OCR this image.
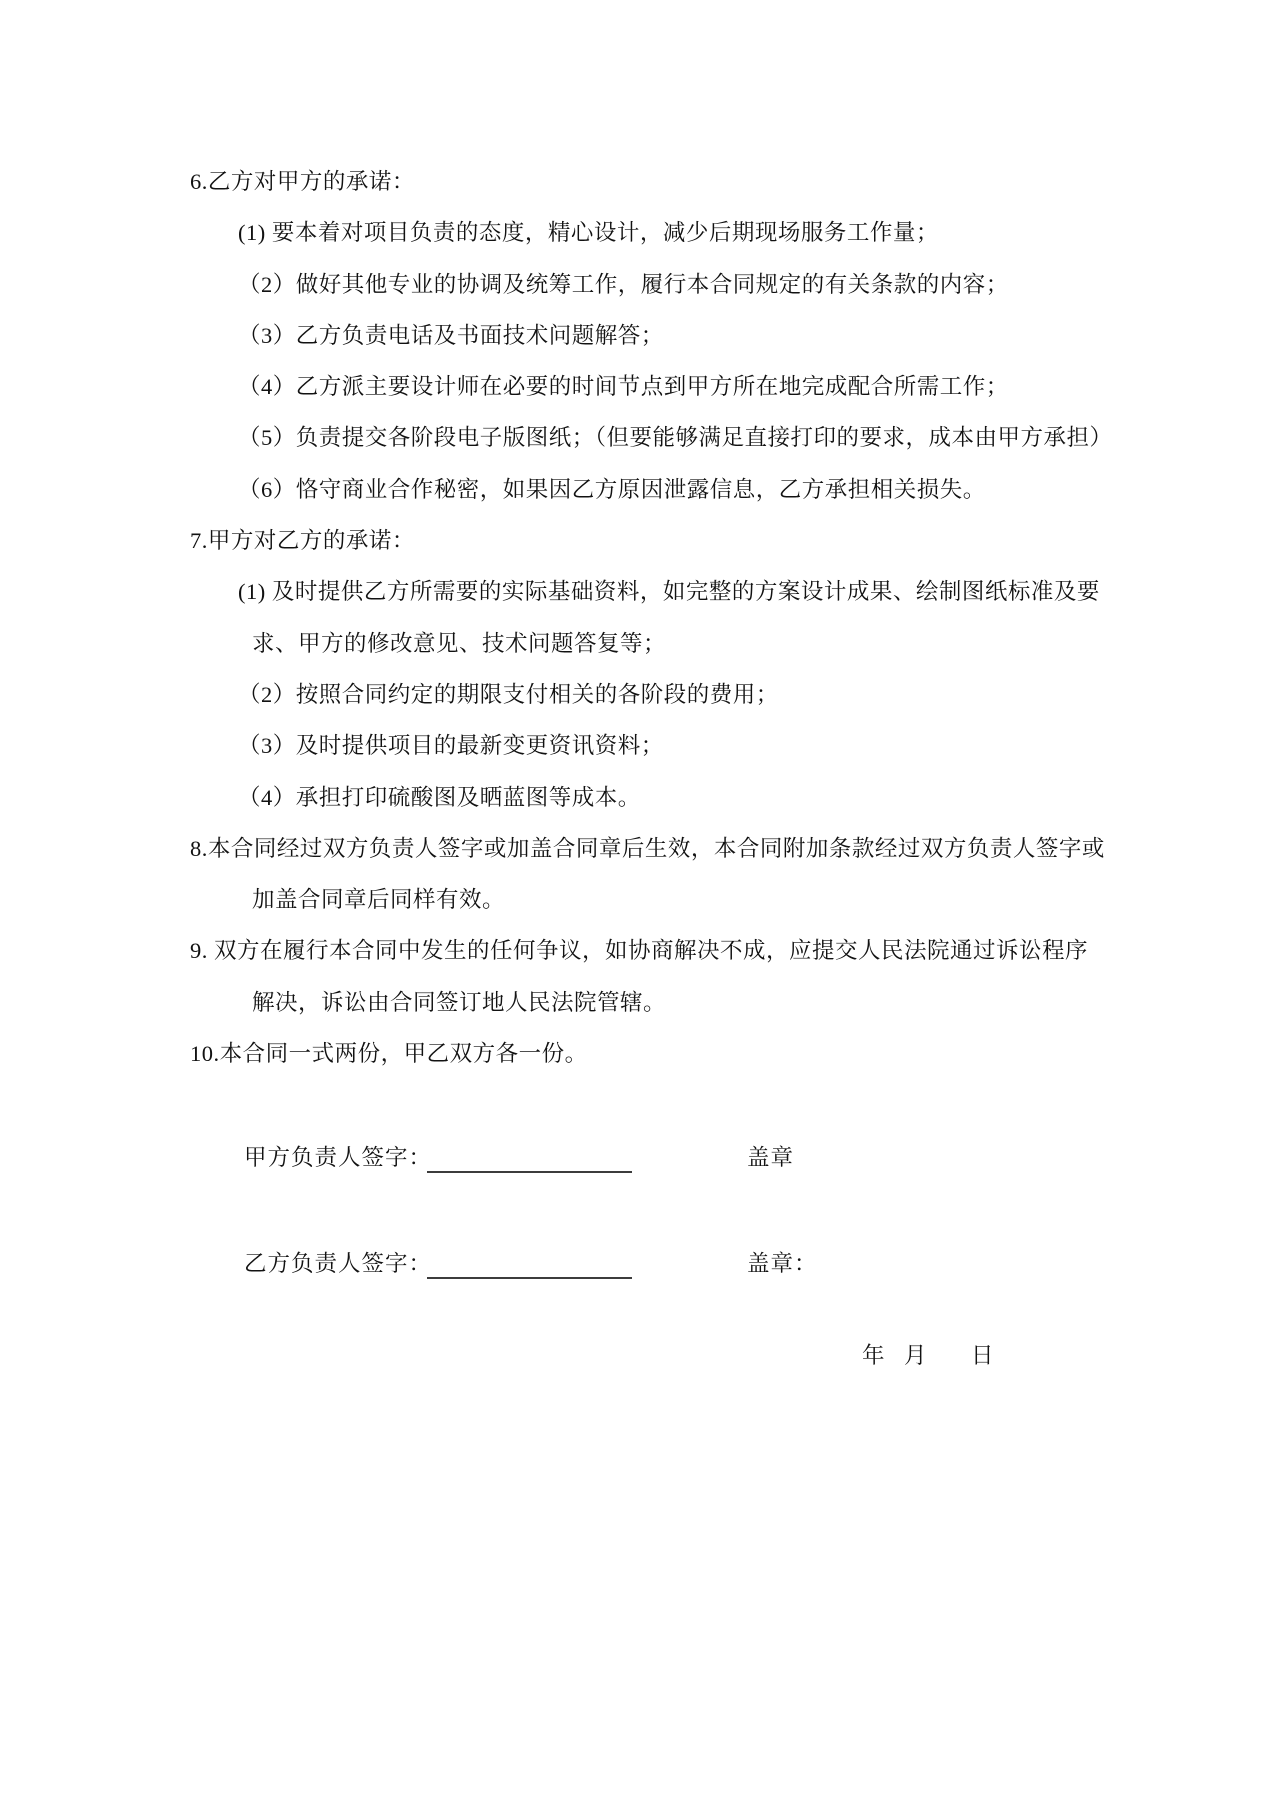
6.乙方对甲方的承诺：
(1) 要本着对项目负责的态度，精心设计，减少后期现场服务工作量；
（2）做好其他专业的协调及统筹工作，履行本合同规定的有关条款的内容；
（3）乙方负责电话及书面技术问题解答；
（4）乙方派主要设计师在必要的时间节点到甲方所在地完成配合所需工作；
（5）负责提交各阶段电子版图纸；（但要能够满足直接打印的要求，成本由甲方承担）
（6）恪守商业合作秘密，如果因乙方原因泄露信息，乙方承担相关损失。
7.甲方对乙方的承诺：
(1) 及时提供乙方所需要的实际基础资料，如完整的方案设计成果、绘制图纸标准及要
求、甲方的修改意见、技术问题答复等；
（2）按照合同约定的期限支付相关的各阶段的费用；
（3）及时提供项目的最新变更资讯资料；
（4）承担打印硫酸图及晒蓝图等成本。
8.本合同经过双方负责人签字或加盖合同章后生效，本合同附加条款经过双方负责人签字或
加盖合同章后同样有效。
9. 双方在履行本合同中发生的任何争议，如协商解决不成，应提交人民法院通过诉讼程序
解决，诉讼由合同签订地人民法院管辖。
10.本合同一式两份，甲乙双方各一份。
甲方负责人签字：	盖章
乙方负责人签字：	盖章：
年 月 日
